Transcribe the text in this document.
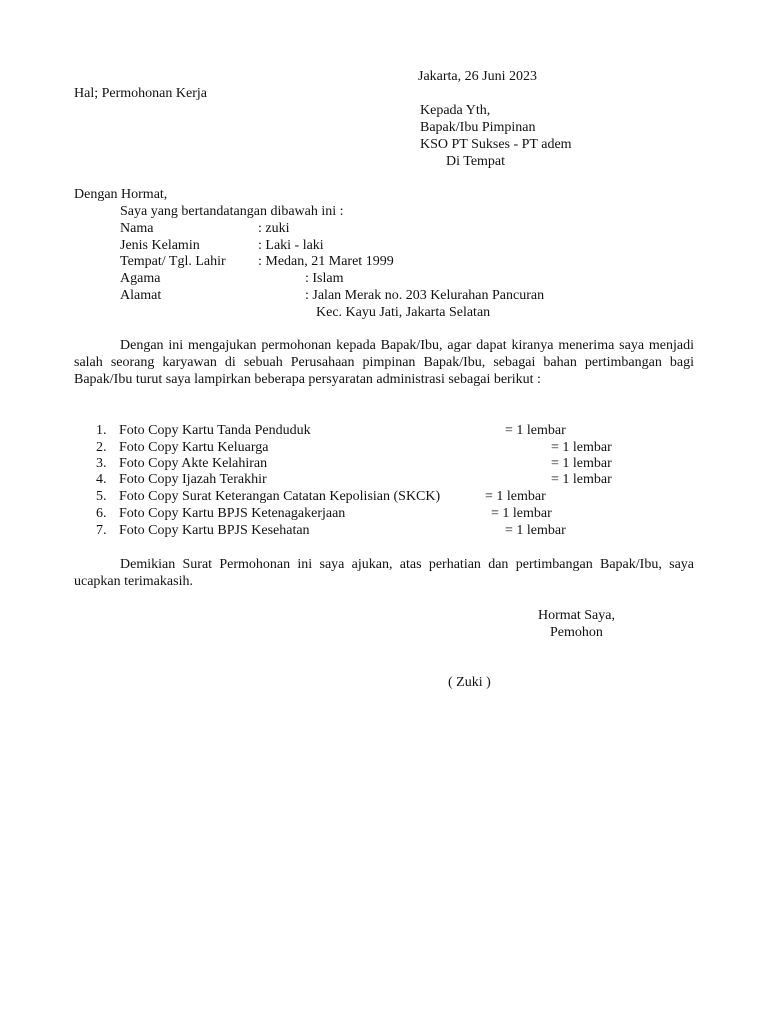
Jakarta, 26 Juni 2023
Hal; Permohonan Kerja
Kepada Yth,
Bapak/Ibu Pimpinan
KSO PT Sukses - PT adem
Di Tempat
Dengan Hormat,
Saya yang bertandatangan dibawah ini :
Nama	: zuki
Jenis Kelamin	: Laki - laki
Tempat/ Tgl. Lahir : Medan, 21 Maret 1999
Agama	: Islam
Alamat	: Jalan Merak no. 203 Kelurahan Pancuran
Kec. Kayu Jati, Jakarta Selatan
Dengan ini mengajukan permohonan kepada Bapak/Ibu, agar dapat kiranya menerima saya menjadi salah seorang karyawan di sebuah Perusahaan pimpinan Bapak/Ibu, sebagai bahan pertimbangan bagi Bapak/Ibu turut saya lampirkan beberapa persyaratan administrasi sebagai berikut :
1. Foto Copy Kartu Tanda Penduduk	= 1 lembar
2. Foto Copy Kartu Keluarga	= 1 lembar
3. Foto Copy Akte Kelahiran	= 1 lembar
4. Foto Copy Ijazah Terakhir	= 1 lembar
5. Foto Copy Surat Keterangan Catatan Kepolisian (SKCK)	= 1 lembar
6. Foto Copy Kartu BPJS Ketenagakerjaan	= 1 lembar
7. Foto Copy Kartu BPJS Kesehatan	= 1 lembar
Demikian Surat Permohonan ini saya ajukan, atas perhatian dan pertimbangan Bapak/Ibu, saya ucapkan terimakasih.
Hormat Saya,
Pemohon
( Zuki )
